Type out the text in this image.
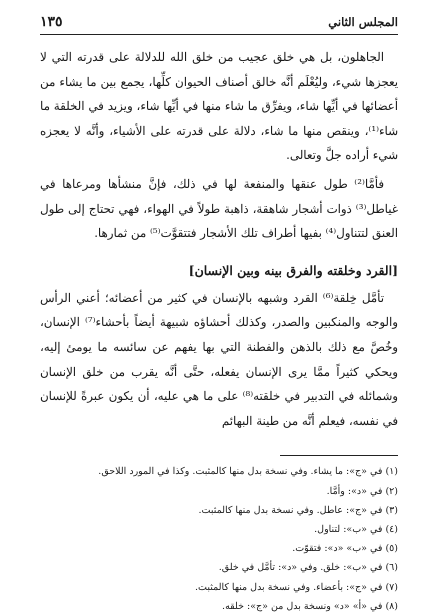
المجلس الثاني
١٣٥

الجاهلون، بل هي خلق عجيب من خلق الله للدلالة على قدرته التي لا يعجزها شيء، وليُعْلَم أنَّه خالق أصناف الحيوان كلِّها، يجمع بين ما يشاء من أعضائها في أيِّها شاء، ويفرِّق ما شاء منها في أيِّها شاء، ويزيد في الخلقة ما شاء⁽¹⁾، وينقص منها ما شاء، دلالة على قدرته على الأشياء، وأنَّه لا يعجزه شيء أراده جلَّ وتعالى.

فأمَّا⁽²⁾ طول عنقها والمنفعة لها في ذلك، فإنَّ منشأها ومرعاها في غياطل⁽³⁾ ذوات أشجار شاهقة، ذاهبة طولاً في الهواء، فهي تحتاج إلى طول العنق لتتناول⁽⁴⁾ بفيها أطراف تلك الأشجار فتتقوَّت⁽⁵⁾ من ثمارها.

[القرد وخلقته والفرق بينه وبين الإنسان]

تأمَّل خِلقة⁽⁶⁾ القرد وشبهه بالإنسان في كثير من أعضائه؛ أعني الرأس والوجه والمنكبين والصدر، وكذلك أحشاؤه شبيهة أيضاً بأحشاء⁽⁷⁾ الإنسان، وخُصَّ مع ذلك بالذهن والفطنة التي بها يفهم عن سائسه ما يومئ إليه، ويحكي كثيراً ممَّا يرى الإنسان يفعله، حتَّى أنَّه يقرب من خلق الإنسان وشمائله في التدبير في خلقته⁽⁸⁾ على ما هي عليه، أن يكون عبرةً للإنسان في نفسه، فيعلم أنَّه من طينة البهائم

(١) في «ج»: ما يشاء. وفي نسخة بدل منها كالمثبت. وكذا في المورد اللاحق.
(٢) في «د»: وأمَّا.
(٣) في «ج»: عاطل. وفي نسخة بدل منها كالمثبت.
(٤) في «ب»: لتناول.
(٥) في «ب» «د»: فتقوّت.
(٦) في «ب»: خلق. وفي «د»: تأمَّل في خلق.
(٧) في «ج»: بأعضاء. وفي نسخة بدل منها كالمثبت.
(٨) في «أ» «د» ونسخة بدل من «ج»: خلقه.
